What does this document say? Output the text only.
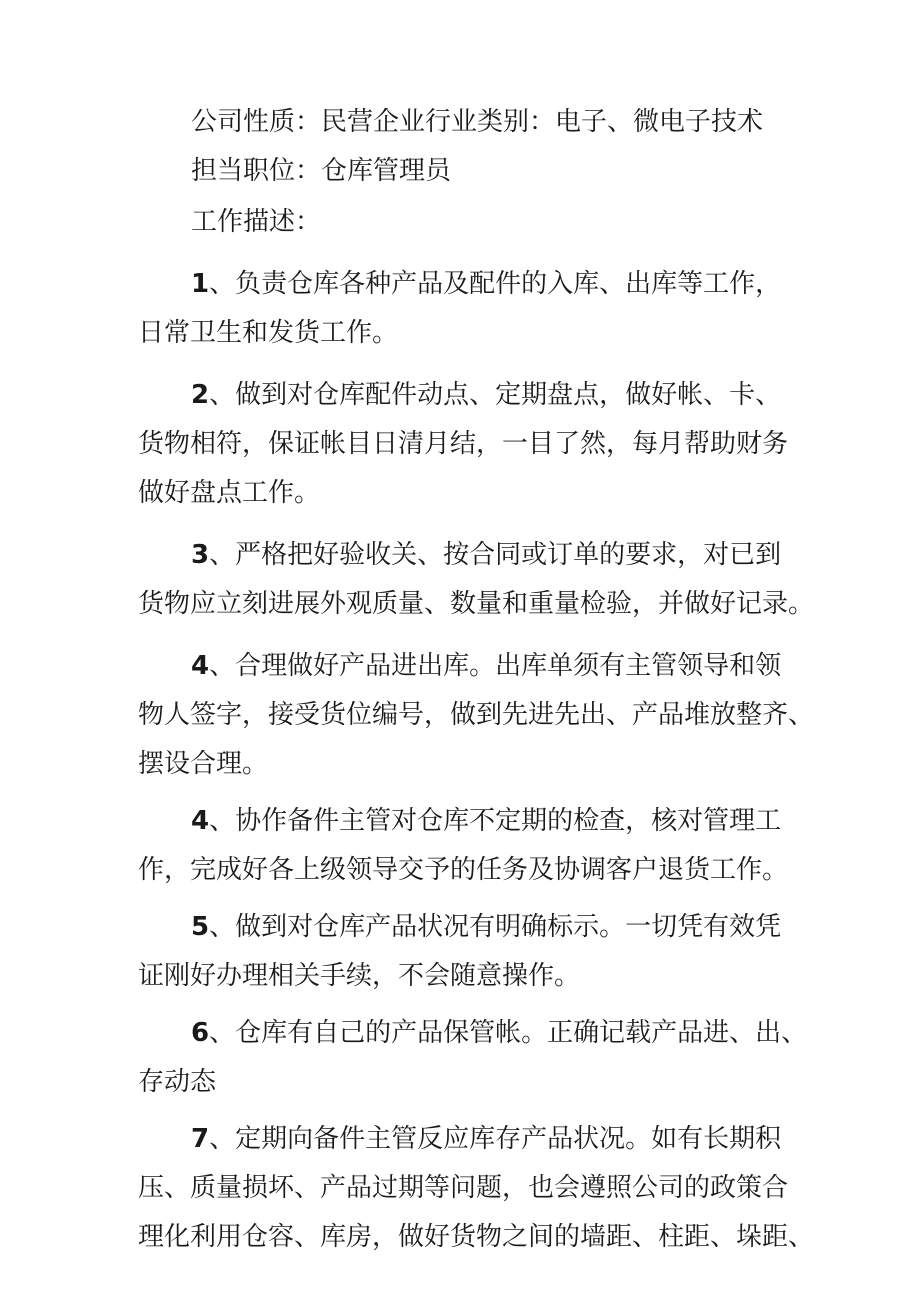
公司性质：民营企业行业类别：电子、微电子技术
担当职位：仓库管理员
工作描述：
1、负责仓库各种产品及配件的入库、出库等工作，
日常卫生和发货工作。
2、做到对仓库配件动点、定期盘点，做好帐、卡、
货物相符，保证帐目日清月结，一目了然，每月帮助财务
做好盘点工作。
3、严格把好验收关、按合同或订单的要求，对已到
货物应立刻进展外观质量、数量和重量检验，并做好记录。
4、合理做好产品进出库。出库单须有主管领导和领
物人签字，接受货位编号，做到先进先出、产品堆放整齐、
摆设合理。
4、协作备件主管对仓库不定期的检查，核对管理工
作，完成好各上级领导交予的任务及协调客户退货工作。
5、做到对仓库产品状况有明确标示。一切凭有效凭
证刚好办理相关手续，不会随意操作。
6、仓库有自己的产品保管帐。正确记载产品进、出、
存动态
7、定期向备件主管反应库存产品状况。如有长期积
压、质量损坏、产品过期等问题，也会遵照公司的政策合
理化利用仓容、库房，做好货物之间的墙距、柱距、垛距、
